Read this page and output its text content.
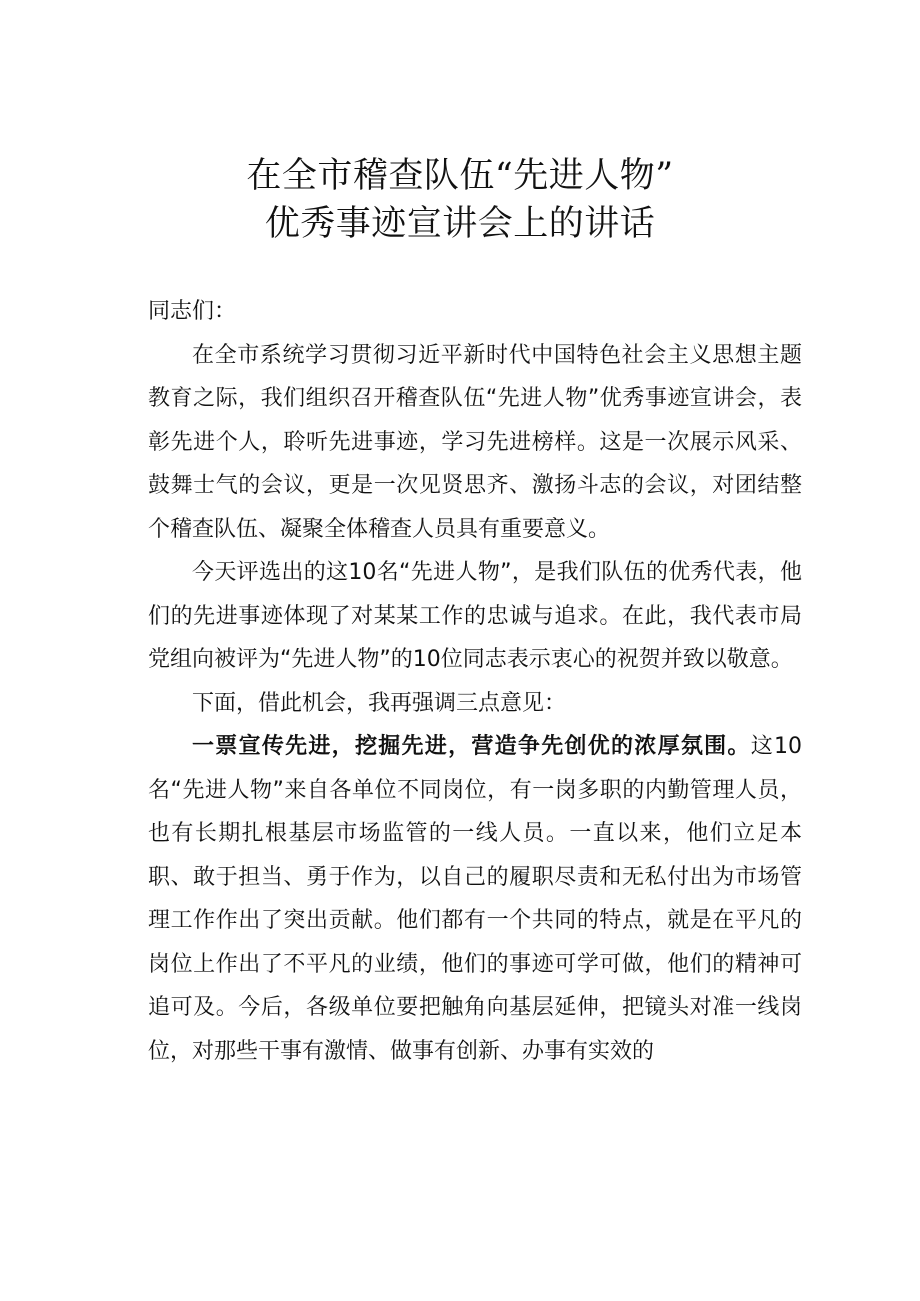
在全市稽查队伍“先进人物”
优秀事迹宣讲会上的讲话

同志们：

在全市系统学习贯彻习近平新时代中国特色社会主义思想主题教育之际，我们组织召开稽查队伍“先进人物”优秀事迹宣讲会，表彰先进个人，聆听先进事迹，学习先进榜样。这是一次展示风采、鼓舞士气的会议，更是一次见贤思齐、激扬斗志的会议，对团结整个稽查队伍、凝聚全体稽查人员具有重要意义。

今天评选出的这10名“先进人物”，是我们队伍的优秀代表，他们的先进事迹体现了对某某工作的忠诚与追求。在此，我代表市局党组向被评为“先进人物”的10位同志表示衷心的祝贺并致以敬意。

下面，借此机会，我再强调三点意见：

一票宣传先进，挖掘先进，营造争先创优的浓厚氛围。这10名“先进人物”来自各单位不同岗位，有一岗多职的内勤管理人员，也有长期扎根基层市场监管的一线人员。一直以来，他们立足本职、敢于担当、勇于作为，以自己的履职尽责和无私付出为市场管理工作作出了突出贡献。他们都有一个共同的特点，就是在平凡的岗位上作出了不平凡的业绩，他们的事迹可学可做，他们的精神可追可及。今后，各级单位要把触角向基层延伸，把镜头对准一线岗位，对那些干事有激情、做事有创新、办事有实效的
